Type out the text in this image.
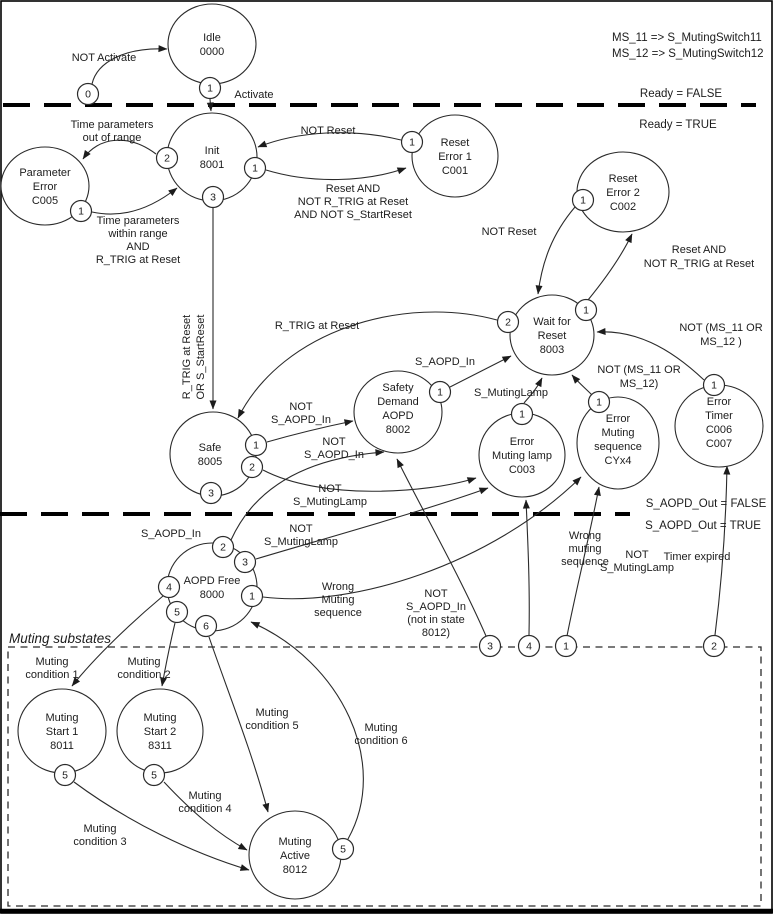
Idle 0000
Init 8001
Parameter Error C005
Reset Error 1 C001
Reset Error 2 C002
Wait for Reset 8003
Safety Demand AOPD 8002
Safe 8005
Error Muting lamp C003
Error Muting sequence CYx4
Error Timer C006 C007
AOPD Free 8000
Muting Start 1 8011
Muting Start 2 8311
Muting Active 8012
0	1
2
1
3
1
1
1
2
1
1
1
2
3
1
1
1
2
3
1
4
5
6
5	5
5
3	4	1	2
NOT Activate
Activate
Time parameters out of range
NOT Reset
Reset AND NOT R_TRIG at Reset AND NOT S_StartReset
Time parameters within range AND R_TRIG at Reset
NOT Reset
Reset AND NOT R_TRIG at Reset
R_TRIG at Reset
R_TRIG at Reset OR S_StartReset	NOT (MS_11 OR MS_12 )
NOT (MS_11 OR MS_12)
S_AOPD_In
S_MutingLamp
NOT S_AOPD_In
NOT S_AOPD_In
NOT S_MutingLamp
S_AOPD_In	NOT S_MutingLamp
Wrong Muting sequence
NOT S_AOPD_In (not in state 8012)
Wrong muting sequence
NOT S_MutingLamp
Timer expired
Muting condition 1
Muting condition 2
Muting condition 5	Muting condition 6
Muting condition 4
Muting condition 3
MS_11 => S_MutingSwitch11 MS_12 => S_MutingSwitch12
Ready = FALSE
Ready = TRUE
S_AOPD_Out = FALSE
S_AOPD_Out = TRUE
Muting substates
